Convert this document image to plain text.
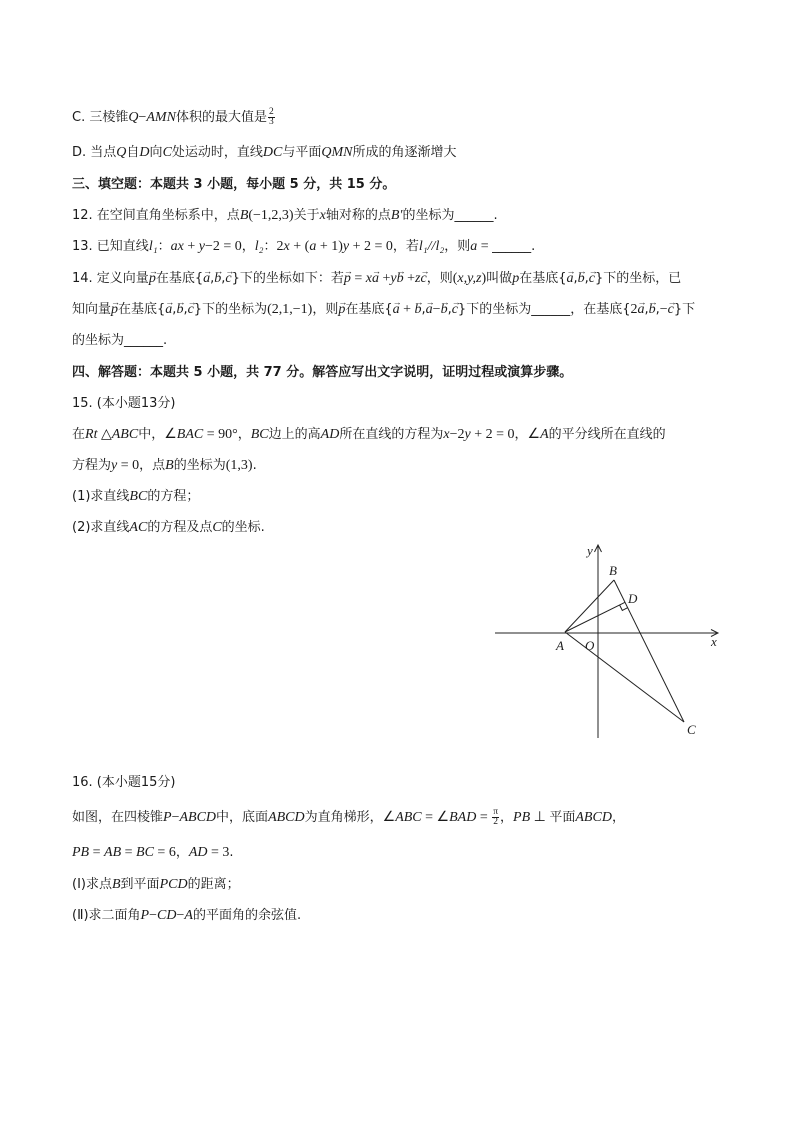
C. 三棱锥Q−AMN体积的最大值是 $\frac{2}{3}$
D. 当点Q自D向C处运动时，直线DC与平面QMN所成的角逐渐增大
三、填空题：本题共 3 小题，每小题 5 分，共 15 分。
12. 在空间直角坐标系中，点B(−1,2,3)关于x轴对称的点B′的坐标为______.
13. 已知直线l₁：ax + y−2 = 0，l₂：2x + (a + 1)y + 2 = 0，若l₁//l₂，则a = ______.
14. 定义向量p →在基底{a →,b →,c →}下的坐标如下：若p → = xa → +yb → +zc →，则(x,y,z)叫做p在基底{a →,b →,c →}下的坐标，已
知向量p →在基底{a →,b →,c →}下的坐标为(2,1,−1)，则p →在基底{a → + b →,a →−b →,c →}下的坐标为______，在基底{2a →,b →,−c →}下
的坐标为______.
四、解答题：本题共 5 小题，共 77 分。解答应写出文字说明，证明过程或演算步骤。
15. (本小题13分)
在Rt △ABC中，∠BAC = 90°，BC边上的高AD所在直线的方程为x−2y + 2 = 0，∠A的平分线所在直线的
方程为y = 0，点B的坐标为(1,3).
(1)求直线BC的方程；
(2)求直线AC的方程及点C的坐标.
y
x
A O
B
D
C
16. (本小题15分)
如图，在四棱锥P−ABCD中，底面ABCD为直角梯形，∠ABC = ∠BAD = $\frac{\pi}{2}$ ，PB ⊥ 平面ABCD，
PB = AB = BC = 6，AD = 3.
(Ⅰ)求点B到平面PCD的距离；
(Ⅱ)求二面角P−CD−A的平面角的余弦值.
